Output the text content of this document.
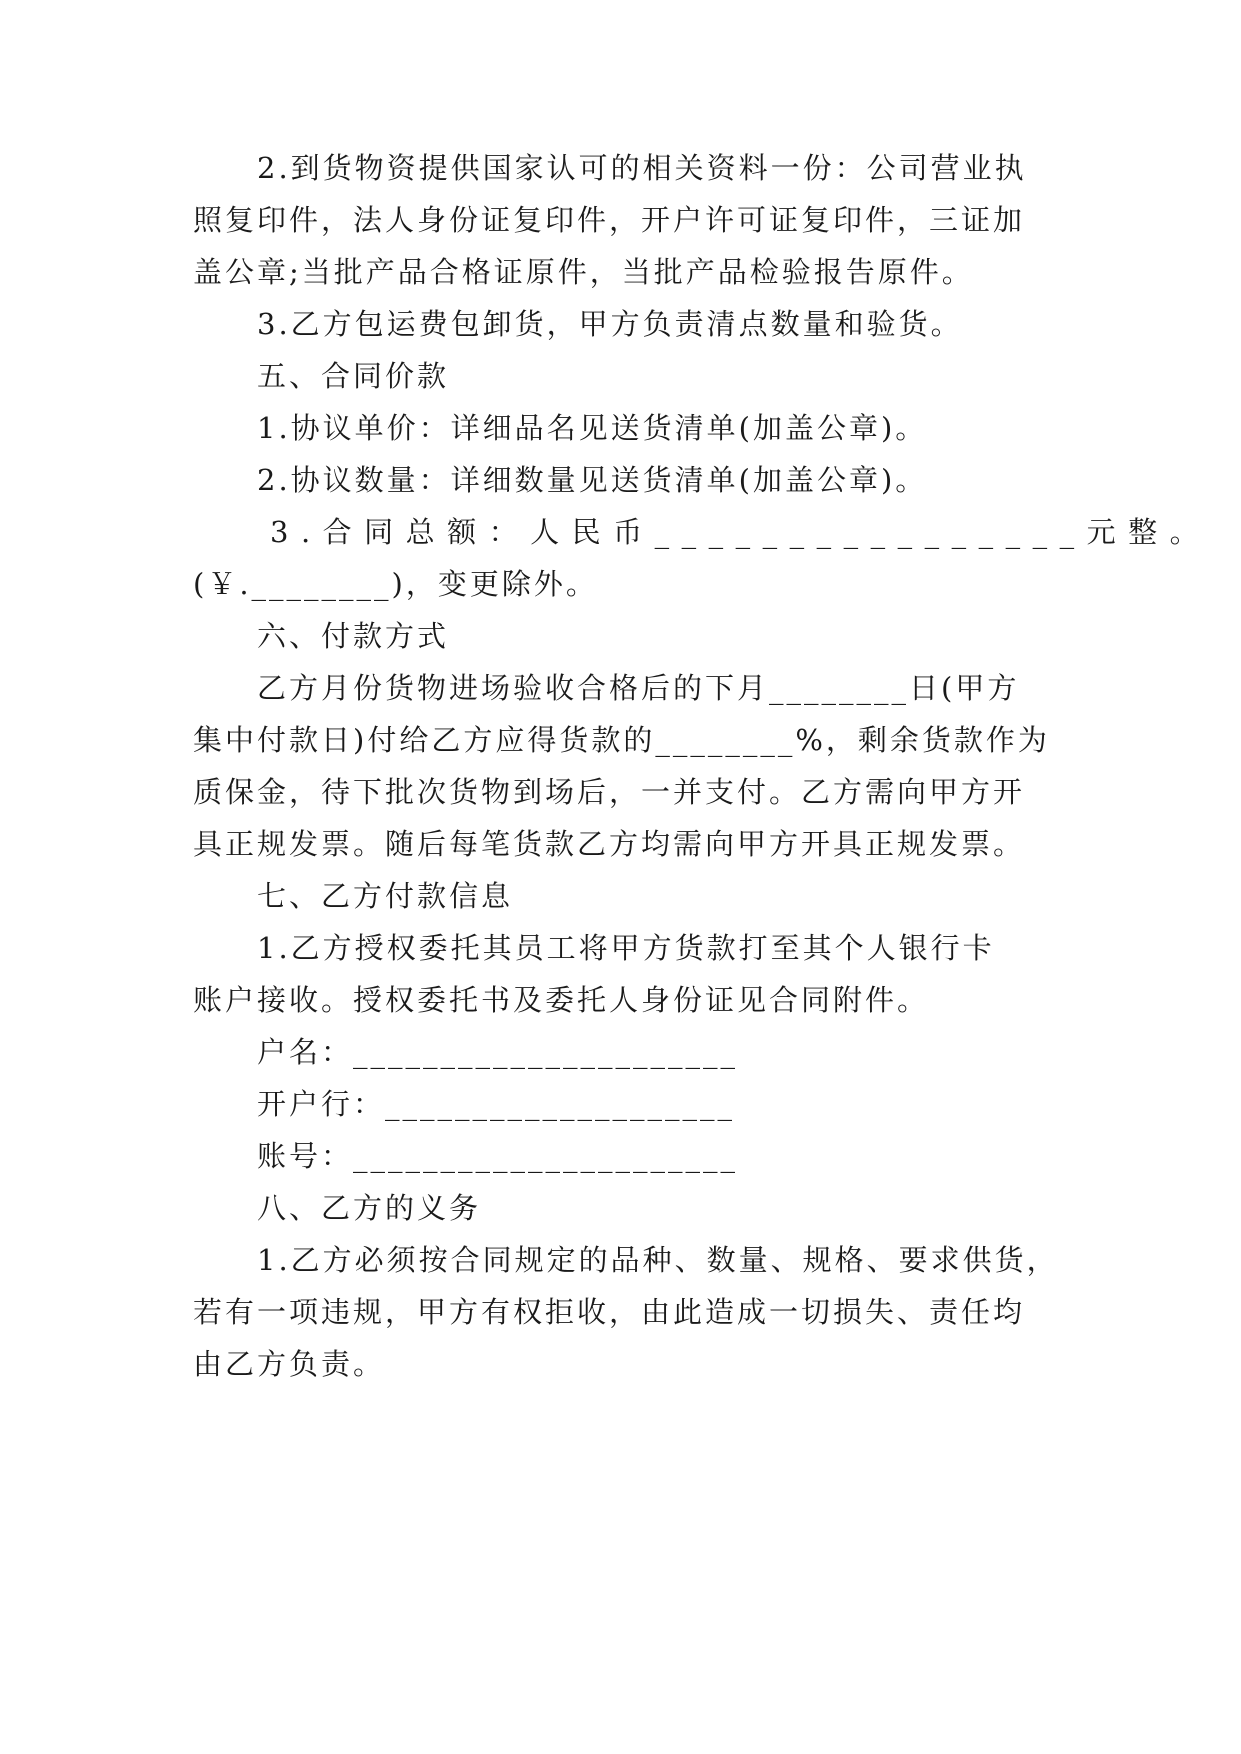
2.到货物资提供国家认可的相关资料一份：公司营业执
照复印件，法人身份证复印件，开户许可证复印件，三证加
盖公章;当批产品合格证原件，当批产品检验报告原件。
3.乙方包运费包卸货，甲方负责清点数量和验货。
五、合同价款
1.协议单价：详细品名见送货清单(加盖公章)。
2.协议数量：详细数量见送货清单(加盖公章)。
3.合同总额：人民币________________元整。
(￥.________)，变更除外。
六、付款方式
乙方月份货物进场验收合格后的下月________日(甲方
集中付款日)付给乙方应得货款的________%，剩余货款作为
质保金，待下批次货物到场后，一并支付。乙方需向甲方开
具正规发票。随后每笔货款乙方均需向甲方开具正规发票。
七、乙方付款信息
1.乙方授权委托其员工将甲方货款打至其个人银行卡
账户接收。授权委托书及委托人身份证见合同附件。
户名：______________________
开户行：____________________
账号：______________________
八、乙方的义务
1.乙方必须按合同规定的品种、数量、规格、要求供货，
若有一项违规，甲方有权拒收，由此造成一切损失、责任均
由乙方负责。
